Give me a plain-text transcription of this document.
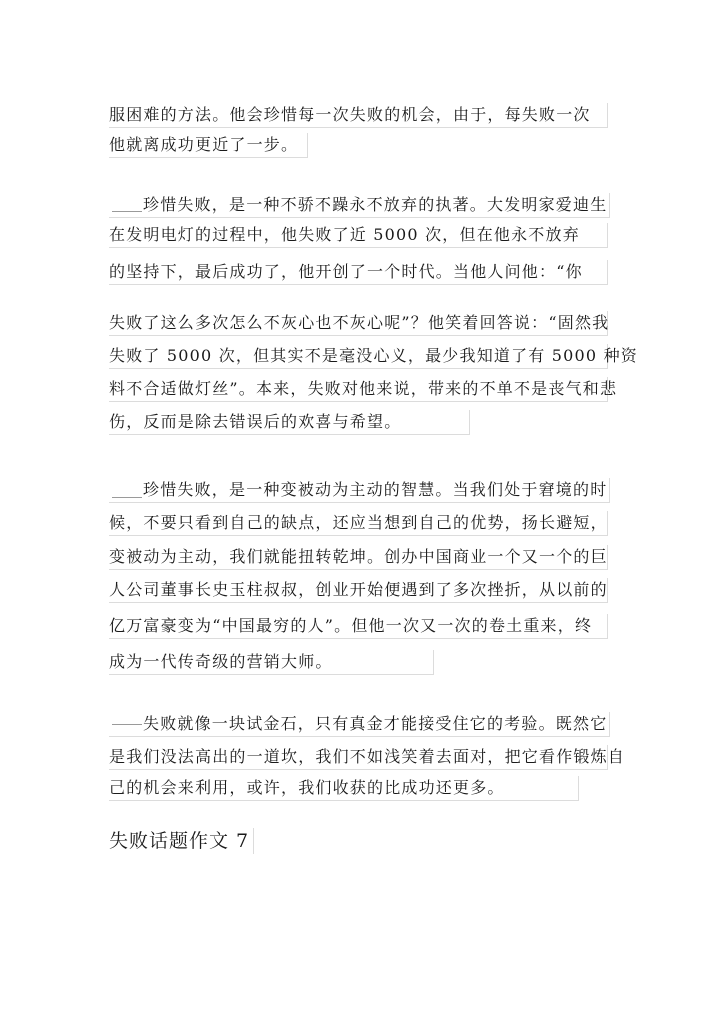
服困难的方法。他会珍惜每一次失败的机会，由于，每失败一次
他就离成功更近了一步。
珍惜失败，是一种不骄不躁永不放弃的执著。大发明家爱迪生
在发明电灯的过程中，他失败了近 5000 次，但在他永不放弃
的坚持下，最后成功了，他开创了一个时代。当他人问他：“你
失败了这么多次怎么不灰心也不灰心呢”？他笑着回答说：“固然我
失败了 5000 次，但其实不是毫没心义，最少我知道了有 5000 种资
料不合适做灯丝”。本来，失败对他来说，带来的不单不是丧气和悲
伤，反而是除去错误后的欢喜与希望。
珍惜失败，是一种变被动为主动的智慧。当我们处于窘境的时
候，不要只看到自己的缺点，还应当想到自己的优势，扬长避短，
变被动为主动，我们就能扭转乾坤。创办中国商业一个又一个的巨
人公司董事长史玉柱叔叔，创业开始便遇到了多次挫折，从以前的
亿万富豪变为“中国最穷的人”。但他一次又一次的卷土重来，终
成为一代传奇级的营销大师。
失败就像一块试金石，只有真金才能接受住它的考验。既然它
是我们没法高出的一道坎，我们不如浅笑着去面对，把它看作锻炼自
己的机会来利用，或许，我们收获的比成功还更多。
失败话题作文 7
